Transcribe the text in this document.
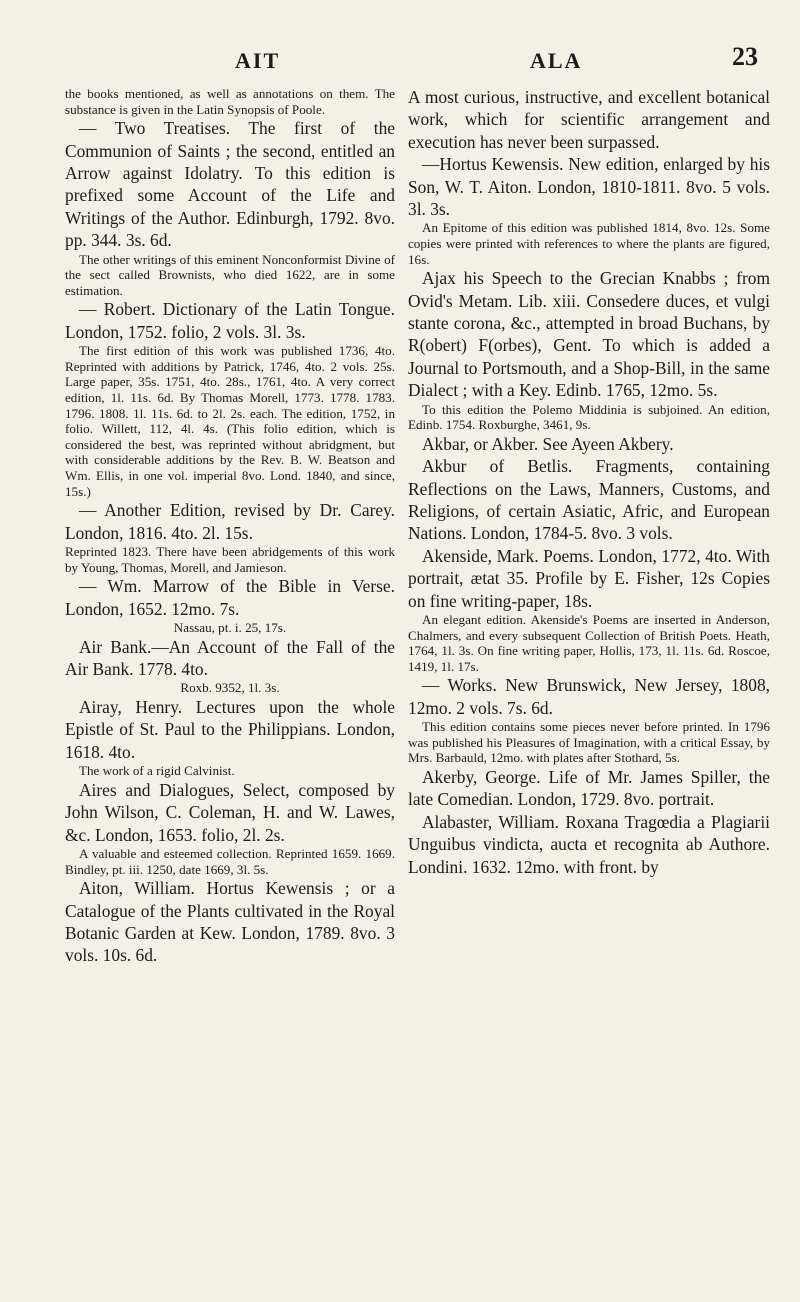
AIT	ALA	23

the books mentioned, as well as annotations on them. The substance is given in the Latin Synopsis of Poole.

— Two Treatises. The first of the Communion of Saints ; the second, entitled an Arrow against Idolatry. To this edition is prefixed some Account of the Life and Writings of the Author. Edinburgh, 1792. 8vo. pp. 344. 3s. 6d.

The other writings of this eminent Nonconformist Divine of the sect called Brownists, who died 1622, are in some estimation.

— Robert. Dictionary of the Latin Tongue. London, 1752. folio, 2 vols. 3l. 3s.

The first edition of this work was published 1736, 4to. Reprinted with additions by Patrick, 1746, 4to. 2 vols. 25s. Large paper, 35s. 1751, 4to. 28s., 1761, 4to. A very correct edition, 1l. 11s. 6d. By Thomas Morell, 1773. 1778. 1783. 1796. 1808. 1l. 11s. 6d. to 2l. 2s. each. The edition, 1752, in folio. Willett, 112, 4l. 4s. (This folio edition, which is considered the best, was reprinted without abridgment, but with considerable additions by the Rev. B. W. Beatson and Wm. Ellis, in one vol. imperial 8vo. Lond. 1840, and since, 15s.)

— Another Edition, revised by Dr. Carey. London, 1816. 4to. 2l. 15s.

Reprinted 1823. There have been abridgements of this work by Young, Thomas, Morell, and Jamieson.

— Wm. Marrow of the Bible in Verse. London, 1652. 12mo. 7s.

Nassau, pt. i. 25, 17s.

Air Bank.—An Account of the Fall of the Air Bank. 1778. 4to.

Roxb. 9352, 1l. 3s.

Airay, Henry. Lectures upon the whole Epistle of St. Paul to the Philippians. London, 1618. 4to.

The work of a rigid Calvinist.

Aires and Dialogues, Select, composed by John Wilson, C. Coleman, H. and W. Lawes, &c. London, 1653. folio, 2l. 2s.

A valuable and esteemed collection. Reprinted 1659. 1669. Bindley, pt. iii. 1250, date 1669, 3l. 5s.

Aiton, William. Hortus Kewensis ; or a Catalogue of the Plants cultivated in the Royal Botanic Garden at Kew. London, 1789. 8vo. 3 vols. 10s. 6d.

A most curious, instructive, and excellent botanical work, which for scientific arrangement and execution has never been surpassed.

—Hortus Kewensis. New edition, enlarged by his Son, W. T. Aiton. London, 1810-1811. 8vo. 5 vols. 3l. 3s.

An Epitome of this edition was published 1814, 8vo. 12s. Some copies were printed with references to where the plants are figured, 16s.

Ajax his Speech to the Grecian Knabbs ; from Ovid's Metam. Lib. xiii. Consedere duces, et vulgi stante corona, &c., attempted in broad Buchans, by R(obert) F(orbes), Gent. To which is added a Journal to Portsmouth, and a Shop-Bill, in the same Dialect ; with a Key. Edinb. 1765, 12mo. 5s.

To this edition the Polemo Middinia is subjoined. An edition, Edinb. 1754. Roxburghe, 3461, 9s.

Akbar, or Akber. See Ayeen Akbery.

Akbur of Betlis. Fragments, containing Reflections on the Laws, Manners, Customs, and Religions, of certain Asiatic, Afric, and European Nations. London, 1784-5. 8vo. 3 vols.

Akenside, Mark. Poems. London, 1772, 4to. With portrait, ætat 35. Profile by E. Fisher, 12s Copies on fine writing-paper, 18s.

An elegant edition. Akenside's Poems are inserted in Anderson, Chalmers, and every subsequent Collection of British Poets. Heath, 1764, 1l. 3s. On fine writing paper, Hollis, 173, 1l. 11s. 6d. Roscoe, 1419, 1l. 17s.

— Works. New Brunswick, New Jersey, 1808, 12mo. 2 vols. 7s. 6d.

This edition contains some pieces never before printed. In 1796 was published his Pleasures of Imagination, with a critical Essay, by Mrs. Barbauld, 12mo. with plates after Stothard, 5s.

Akerby, George. Life of Mr. James Spiller, the late Comedian. London, 1729. 8vo. portrait.

Alabaster, William. Roxana Tragœdia a Plagiarii Unguibus vindicta, aucta et recognita ab Authore. Londini. 1632. 12mo. with front. by
